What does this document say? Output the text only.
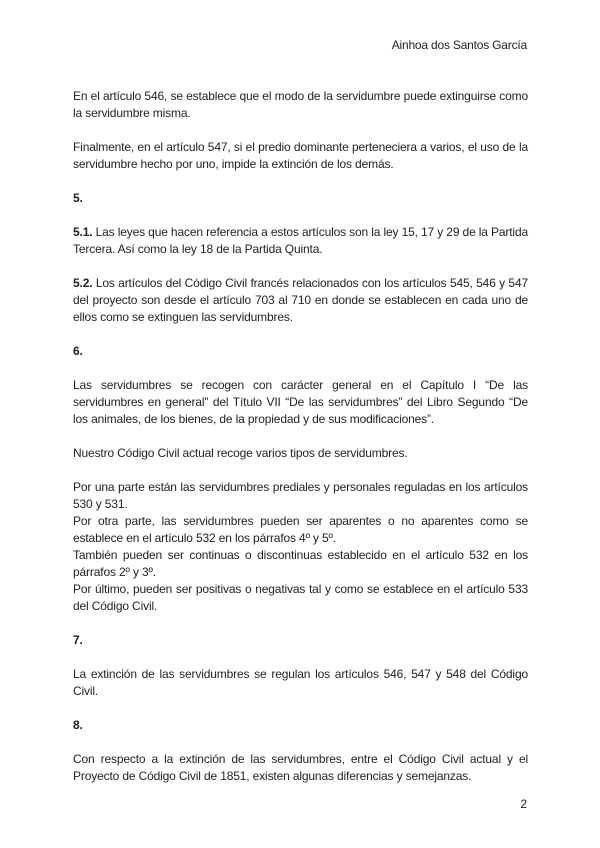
Ainhoa dos Santos García

En el artículo 546, se establece que el modo de la servidumbre puede extinguirse como la servidumbre misma.

Finalmente, en el artículo 547, si el predio dominante perteneciera a varios, el uso de la servidumbre hecho por uno, impide la extinción de los demás.

5.

5.1. Las leyes que hacen referencia a estos artículos son la ley 15, 17 y 29 de la Partida Tercera. Así como la ley 18 de la Partida Quinta.

5.2. Los artículos del Código Civil francés relacionados con los artículos 545, 546 y 547 del proyecto son desde el artículo 703 al 710 en donde se establecen en cada uno de ellos como se extinguen las servidumbres.

6.

Las servidumbres se recogen con carácter general en el Capítulo I “De las servidumbres en general” del Título VII “De las servidumbres” del Libro Segundo “De los animales, de los bienes, de la propiedad y de sus modificaciones”.

Nuestro Código Civil actual recoge varios tipos de servidumbres.

Por una parte están las servidumbres prediales y personales reguladas en los artículos 530 y 531.

Por otra parte, las servidumbres pueden ser aparentes o no aparentes como se establece en el artículo 532 en los párrafos 4º y 5º.

También pueden ser continuas o discontinuas establecido en el artículo 532 en los párrafos 2º y 3º.

Por último, pueden ser positivas o negativas tal y como se establece en el artículo 533 del Código Civil.

7.

La extinción de las servidumbres se regulan los artículos 546, 547 y 548 del Código Civil.

8.

Con respecto a la extinción de las servidumbres, entre el Código Civil actual y el Proyecto de Código Civil de 1851, existen algunas diferencias y semejanzas.

2
